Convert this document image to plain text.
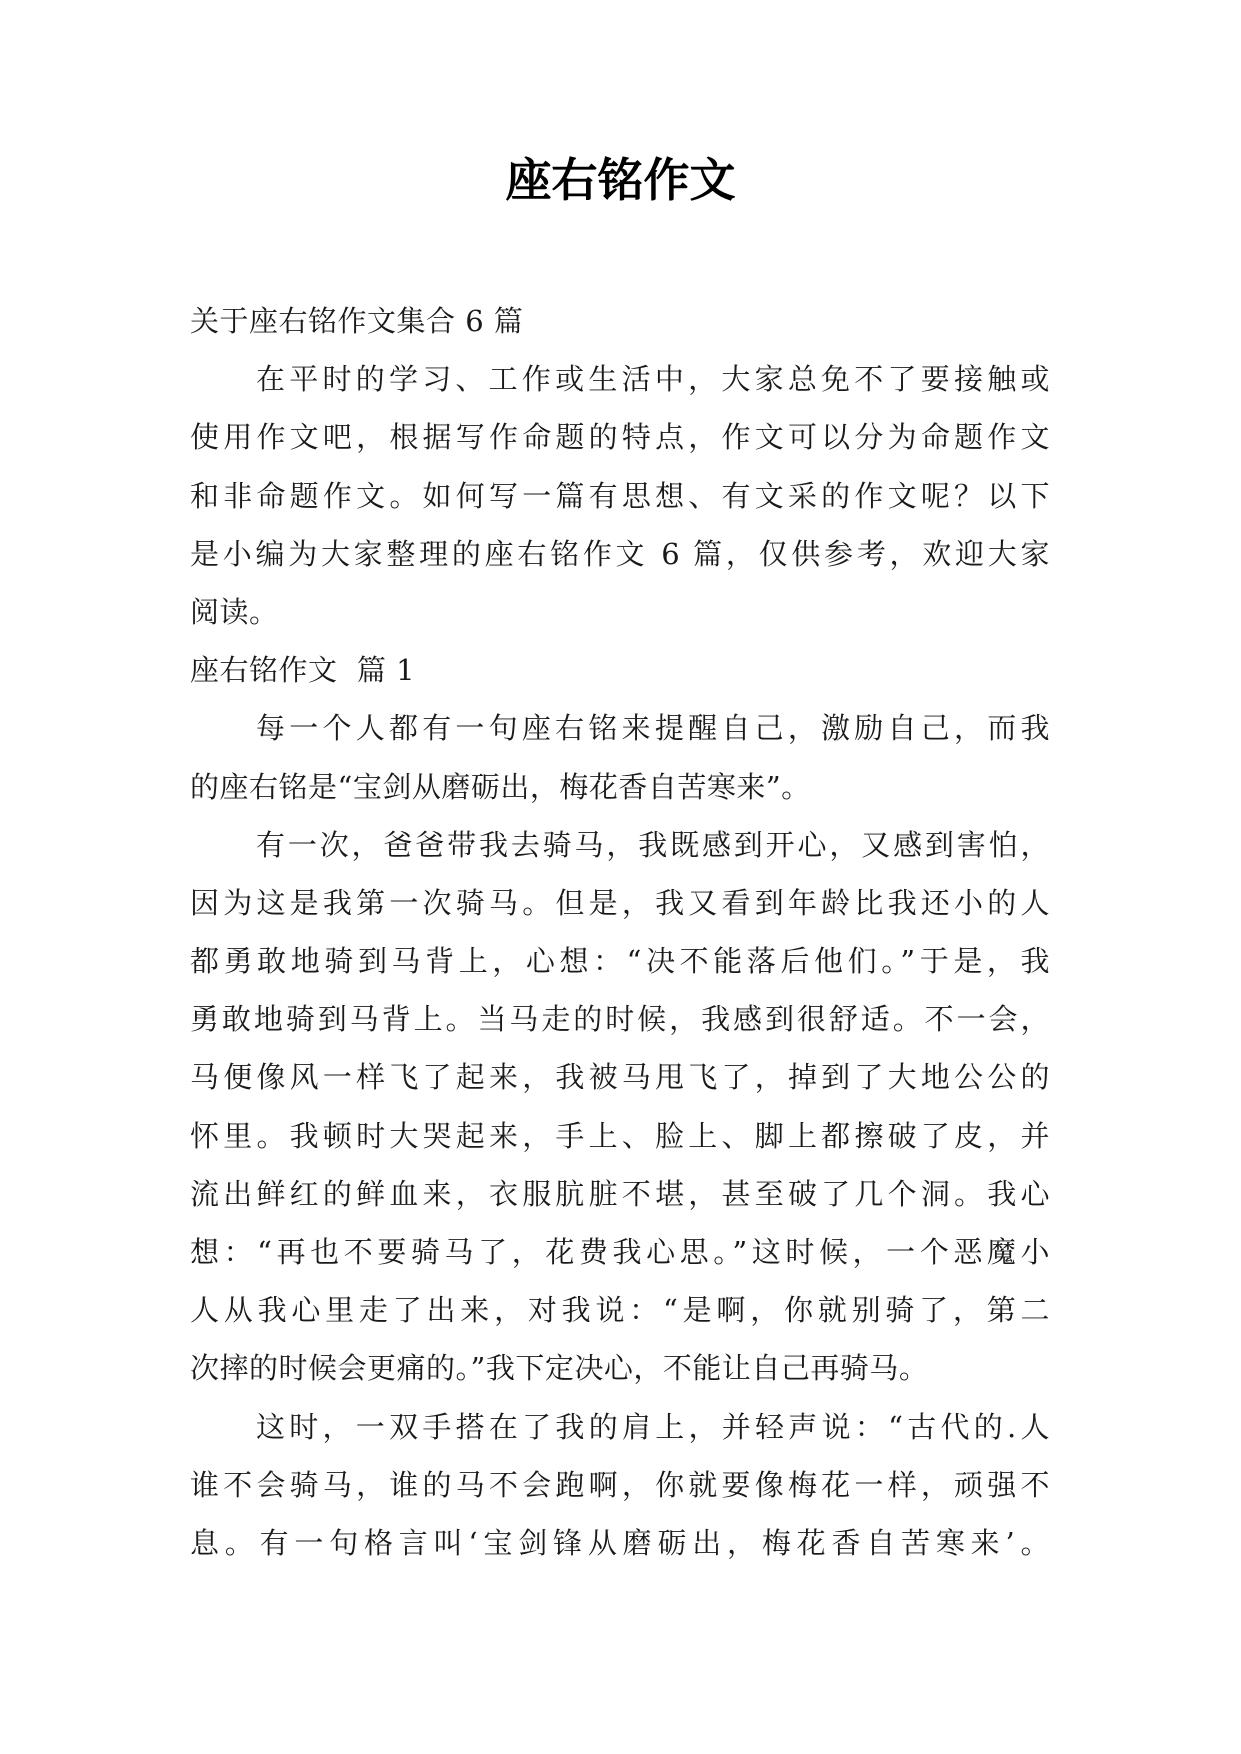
座右铭作文
关于座右铭作文集合 6 篇
在平时的学习、工作或生活中，大家总免不了要接触或
使用作文吧，根据写作命题的特点，作文可以分为命题作文
和非命题作文。如何写一篇有思想、有文采的作文呢？以下
是小编为大家整理的座右铭作文 6 篇，仅供参考，欢迎大家
阅读。
座右铭作文  篇 1
每一个人都有一句座右铭来提醒自己，激励自己，而我
的座右铭是“宝剑从磨砺出，梅花香自苦寒来”。
有一次，爸爸带我去骑马，我既感到开心，又感到害怕，
因为这是我第一次骑马。但是，我又看到年龄比我还小的人
都勇敢地骑到马背上，心想：“决不能落后他们。”于是，我
勇敢地骑到马背上。当马走的时候，我感到很舒适。不一会，
马便像风一样飞了起来，我被马甩飞了，掉到了大地公公的
怀里。我顿时大哭起来，手上、脸上、脚上都擦破了皮，并
流出鲜红的鲜血来，衣服肮脏不堪，甚至破了几个洞。我心
想：“再也不要骑马了，花费我心思。”这时候，一个恶魔小
人从我心里走了出来，对我说：“是啊，你就别骑了，第二
次摔的时候会更痛的。”我下定决心，不能让自己再骑马。
这时，一双手搭在了我的肩上，并轻声说：“古代的.人
谁不会骑马，谁的马不会跑啊，你就要像梅花一样，顽强不
息。有一句格言叫‘宝剑锋从磨砺出，梅花香自苦寒来’。
